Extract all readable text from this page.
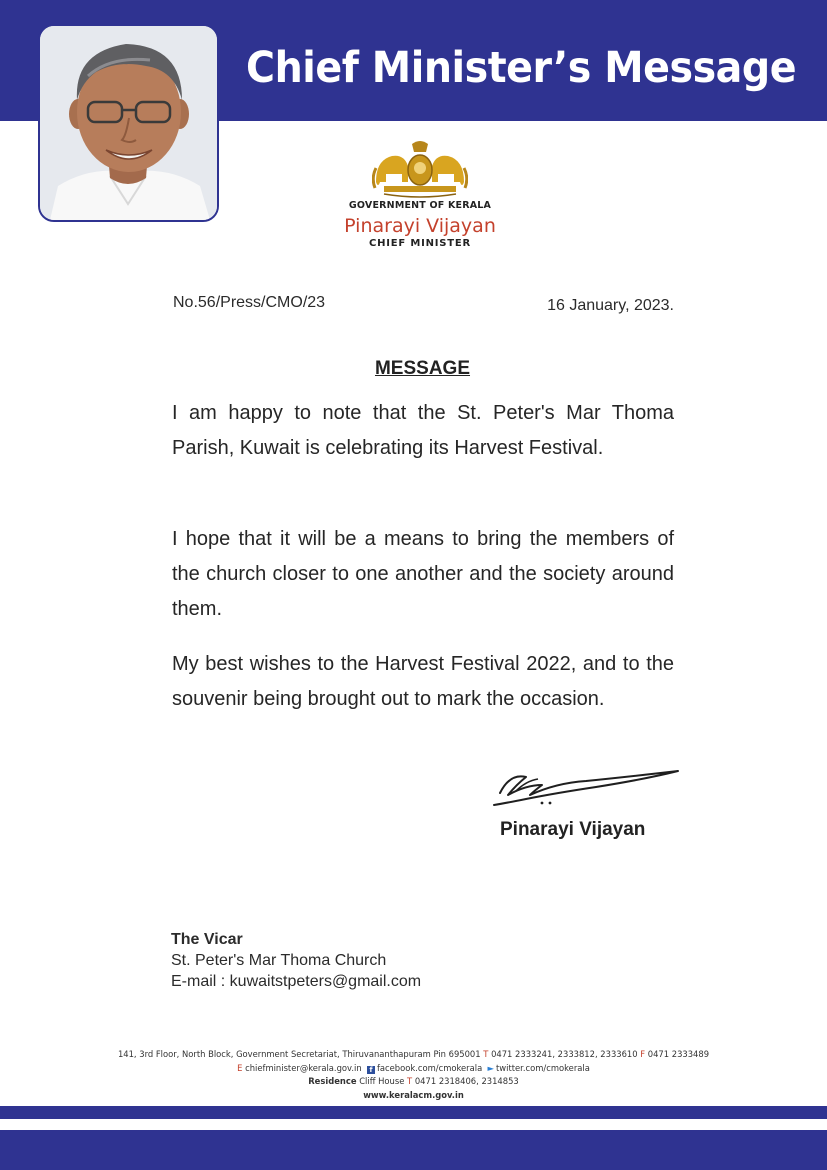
Chief Minister’s Message
GOVERNMENT OF KERALA
Pinarayi Vijayan
CHIEF MINISTER
No.56/Press/CMO/23	16 January, 2023.
MESSAGE
I am happy to note that the St. Peter's Mar Thoma Parish, Kuwait is celebrating its Harvest Festival.
I hope that it will be a means to bring the members of the church closer to one another and the society around them.
My best wishes to the Harvest Festival 2022, and to the souvenir being brought out to mark the occasion.
Pinarayi Vijayan
The Vicar
St. Peter's Mar Thoma Church
E-mail : kuwaitstpeters@gmail.com
141, 3rd Floor, North Block, Government Secretariat, Thiruvananthapuram Pin 695001 T 0471 2333241, 2333812, 2333610 F 0471 2333489
E chiefminister@kerala.gov.in f facebook.com/cmokerala ► twitter.com/cmokerala
Residence Cliff House T 0471 2318406, 2314853
www.keralacm.gov.in
